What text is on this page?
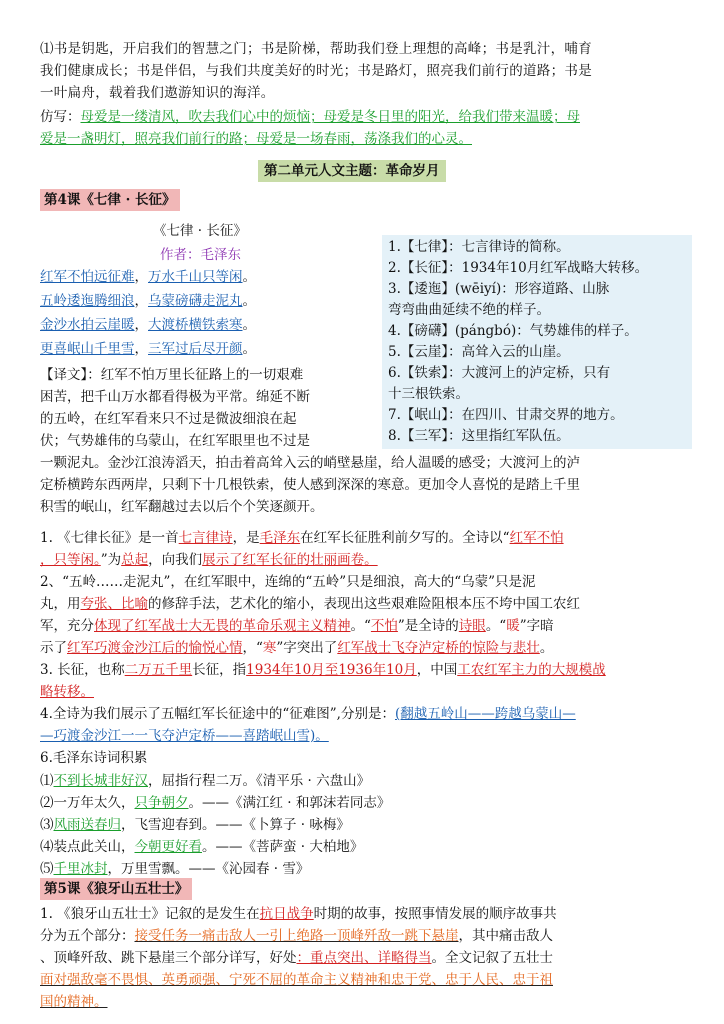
⑴书是钥匙，开启我们的智慧之门；书是阶梯，帮助我们登上理想的高峰；书是乳汁，哺育
我们健康成长；书是伴侣，与我们共度美好的时光；书是路灯，照亮我们前行的道路；书是
一叶扁舟，载着我们遨游知识的海洋。
仿写：母爱是一缕清风，吹去我们心中的烦恼；母爱是冬日里的阳光，给我们带来温暖；母
爱是一盏明灯，照亮我们前行的路；母爱是一场春雨，荡涤我们的心灵。
第二单元人文主题：革命岁月
第4课《七律 · 长征》
《七律 · 长征》
作者：毛泽东
红军不怕远征难，万水千山只等闲。
五岭逶迤腾细浪，乌蒙磅礴走泥丸。
金沙水拍云崖暖，大渡桥横铁索寒。
更喜岷山千里雪，三军过后尽开颜。
1.【七律】：七言律诗的简称。
2.【长征】：1934年10月红军战略大转移。
3.【逶迤】(wēiyí)：形容道路、山脉
弯弯曲曲延续不绝的样子。
4.【磅礴】(pángbó)：气势雄伟的样子。
5.【云崖】：高耸入云的山崖。
6.【铁索】：大渡河上的泸定桥，只有
十三根铁索。
7.【岷山】：在四川、甘肃交界的地方。
8.【三军】：这里指红军队伍。
【译文】：红军不怕万里长征路上的一切艰难
困苦，把千山万水都看得极为平常。绵延不断
的五岭，在红军看来只不过是微波细浪在起
伏；气势雄伟的乌蒙山，在红军眼里也不过是
一颗泥丸。金沙江浪涛滔天，拍击着高耸入云的峭壁悬崖，给人温暖的感受；大渡河上的泸
定桥横跨东西两岸，只剩下十几根铁索，使人感到深深的寒意。更加令人喜悦的是踏上千里
积雪的岷山，红军翻越过去以后个个笑逐颜开。
1. 《七律长征》是一首七言律诗，是毛泽东在红军长征胜利前夕写的。全诗以“红军不怕
，只等闲。”为总起，向我们展示了红军长征的壮丽画卷。
2、“五岭……走泥丸”，在红军眼中，连绵的“五岭”只是细浪，高大的“乌蒙”只是泥
丸，用夸张、比喻的修辞手法，艺术化的缩小，表现出这些艰难险阻根本压不垮中国工农红
军，充分体现了红军战士大无畏的革命乐观主义精神。“不怕”是全诗的诗眼。“暖”字暗
示了红军巧渡金沙江后的愉悦心情，“寒”字突出了红军战士飞夺泸定桥的惊险与悲壮。
3. 长征，也称二万五千里长征，指1934年10月至1936年10月，中国工农红军主力的大规模战
略转移。
4.全诗为我们展示了五幅红军长征途中的“征难图”,分别是：(翻越五岭山——跨越乌蒙山—
—巧渡金沙江一一飞夺泸定桥——喜踏岷山雪)。
6.毛泽东诗词积累
⑴不到长城非好汉，屈指行程二万。《清平乐 · 六盘山》
⑵一万年太久，只争朝夕。——《满江红 · 和郭沫若同志》
⑶风雨送春归，飞雪迎春到。——《卜算子 · 咏梅》
⑷装点此关山，今朝更好看。——《菩萨蛮 · 大柏地》
⑸千里冰封，万里雪飘。——《沁园春 · 雪》
第5课《狼牙山五壮士》
1. 《狼牙山五壮士》记叙的是发生在抗日战争时期的故事，按照事情发展的顺序故事共
分为五个部分：接受任务一痛击敌人一引上绝路一顶峰歼敌一跳下悬崖，其中痛击敌人
、顶峰歼敌、跳下悬崖三个部分详写，好处：重点突出、详略得当。全文记叙了五壮士
面对强敌毫不畏惧、英勇顽强、宁死不屈的革命主义精神和忠于党、忠于人民、忠于祖
国的精神。
